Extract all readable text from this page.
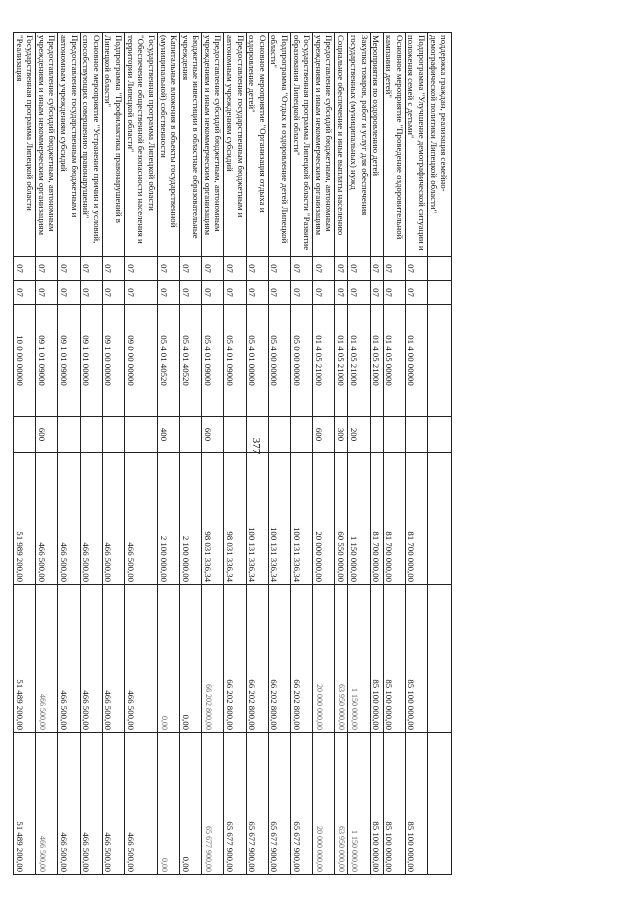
377
поддержка граждан, реализация семейно-демографической политики Липецкой области"							
Подпрограмма "Улучшение демографической ситуации и положения семей с детьми"	07	07	01 4 00 00000		81 700 000,00	85 100 000,00	85 100 000,00
Основное мероприятие "Проведение оздоровительной кампании детей"	07	07	01 4 05 00000		81 700 000,00	85 100 000,00	85 100 000,00
Мероприятия по оздоровлению детей	07	07	01 4 05 21000		81 700 000,00	85 100 000,00	85 100 000,00
Закупка товаров, работ и услуг для обеспечения государственных (муниципальных) нужд	07	07	01 4 05 21000	200	1 150 000,00	1 150 000,00	1 150 000,00
Социальное обеспечение и иные выплаты населению	07	07	01 4 05 21000	300	60 550 000,00	63 950 000,00	63 950 000,00
Предоставление субсидий бюджетным, автономным учреждениям и иным некоммерческим организациям	07	07	01 4 05 21000	600	20 000 000,00	20 000 000,00	20 000 000,00
Государственная программа Липецкой области "Развитие образования Липецкой области"	07	07	05 0 00 00000		100 131 336,34	66 202 800,00	65 677 900,00
Подпрограмма "Отдых и оздоровление детей Липецкой области"	07	07	05 4 00 00000		100 131 336,34	66 202 800,00	65 677 900,00
Основное мероприятие "Организация отдыха и оздоровление детей"	07	07	05 4 01 00000		100 131 336,34	66 202 800,00	65 677 900,00
Предоставление государственным бюджетным и автономным учреждениям субсидий	07	07	05 4 01 09000		98 031 336,34	66 202 800,00	65 677 900,00
Предоставление субсидий бюджетным, автономным учреждениям и иным некоммерческим организациям	07	07	05 4 01 09000	600	98 031 336,34	66 202 800,00	65 677 900,00
Бюджетные инвестиции в областные образовательные учреждения	07	07	05 4 01 40520		2 100 000,00	0,00	0,00
Капитальные вложения в объекты государственной (муниципальной) собственности	07	07	05 4 01 40520	400	2 100 000,00	0,00	0,00
Государственная программа Липецкой области "Обеспечение общественной безопасности населения и территории Липецкой области"	07	07	09 0 00 00000		466 500,00	466 500,00	466 500,00
Подпрограмма "Профилактика правонарушений в Липецкой области"	07	07	09 1 00 00000		466 500,00	466 500,00	466 500,00
Основное мероприятие "Устранение причин и условий, способствующих совершению правонарушений"	07	07	09 1 01 00000		466 500,00	466 500,00	466 500,00
Предоставление государственным бюджетным и автономным учреждениям субсидий	07	07	09 1 01 09000		466 500,00	466 500,00	466 500,00
Предоставление субсидий бюджетным, автономным учреждениям и иным некоммерческим организациям	07	07	09 1 01 09000	600	466 500,00	466 500,00	466 500,00
Государственная программа Липецкой области "Реализация	07	07	10 0 00 00000		51 989 200,00	51 489 200,00	51 489 200,00
